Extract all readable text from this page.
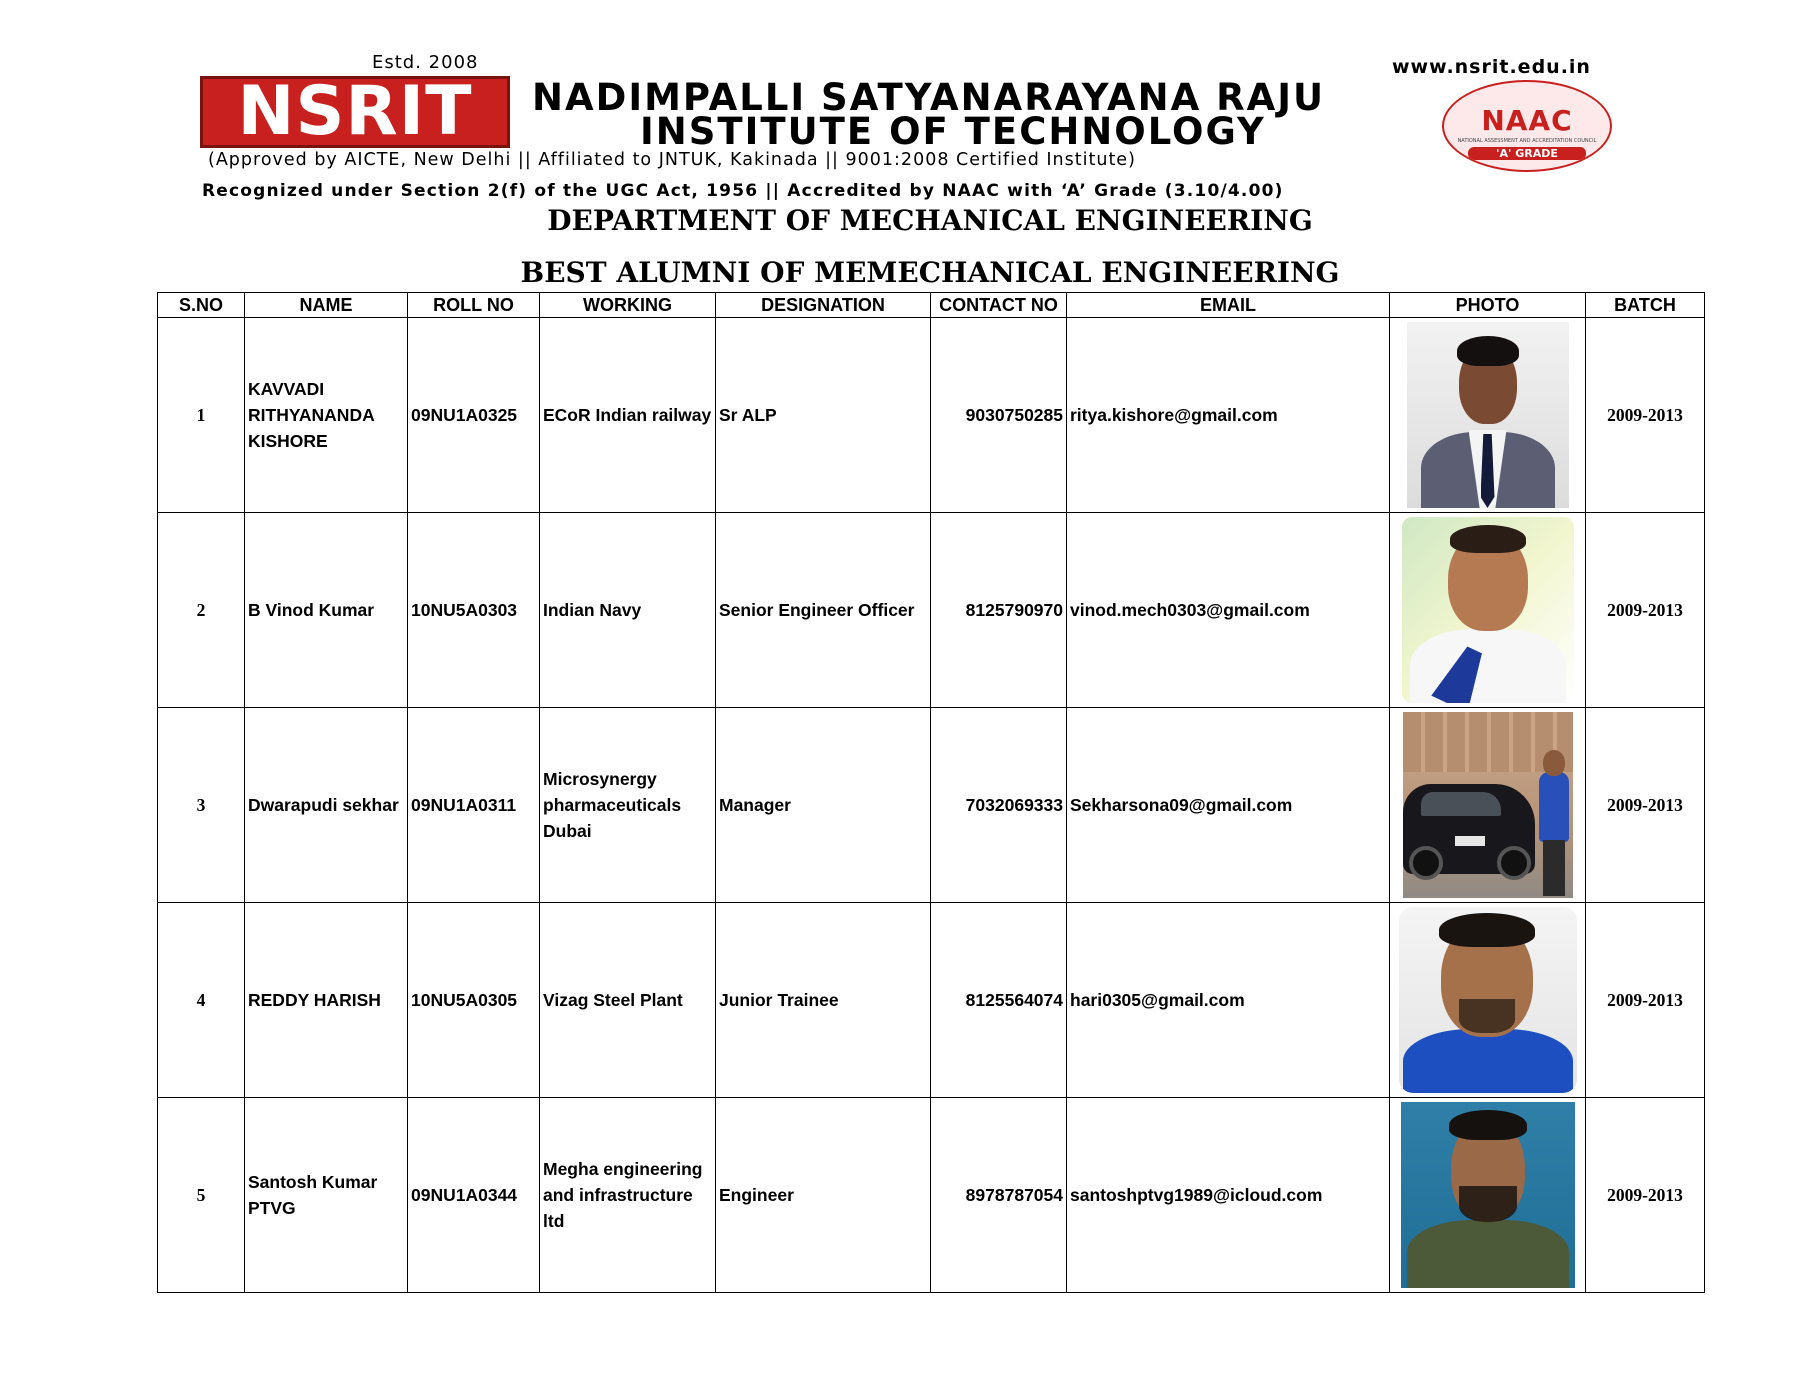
Estd. 2008	www.nsrit.edu.in
NSRIT	NADIMPALLI SATYANARAYANA RAJU
INSTITUTE OF TECHNOLOGY
(Approved by AICTE, New Delhi || Affiliated to JNTUK, Kakinada || 9001:2008 Certified Institute)
Recognized under Section 2(f) of the UGC Act, 1956 || Accredited by NAAC with ‘A’ Grade (3.10/4.00)
NAAC
NATIONAL ASSESSMENT AND ACCREDITATION COUNCIL
'A' GRADE
DEPARTMENT OF MECHANICAL ENGINEERING
BEST ALUMNI OF MEMECHANICAL ENGINEERING
S.NO	NAME	ROLL NO	WORKING	DESIGNATION	CONTACT NO	EMAIL	PHOTO	BATCH
1	KAVVADI RITHYANANDA KISHORE	09NU1A0325	ECoR Indian railway	Sr ALP	9030750285	ritya.kishore@gmail.com		2009-2013
2	B Vinod Kumar	10NU5A0303	Indian Navy	Senior Engineer Officer	8125790970	vinod.mech0303@gmail.com		2009-2013
3	Dwarapudi sekhar	09NU1A0311	Microsynergy pharmaceuticals Dubai	Manager	7032069333	Sekharsona09@gmail.com		2009-2013
4	REDDY HARISH	10NU5A0305	Vizag Steel Plant	Junior Trainee	8125564074	hari0305@gmail.com		2009-2013
5	Santosh Kumar PTVG	09NU1A0344	Megha engineering and infrastructure ltd	Engineer	8978787054	santoshptvg1989@icloud.com		2009-2013
